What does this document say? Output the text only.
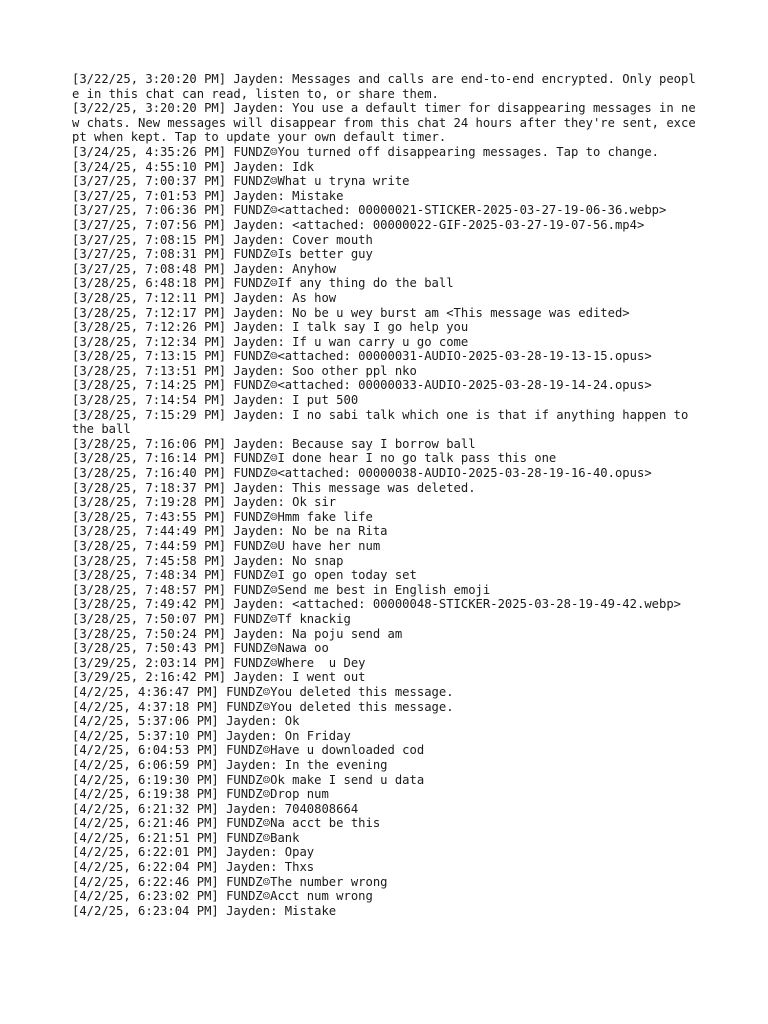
[3/22/25, 3:20:20 PM] Jayden: Messages and calls are end-to-end encrypted. Only people in this chat can read, listen to, or share them.
[3/22/25, 3:20:20 PM] Jayden: You use a default timer for disappearing messages in new chats. New messages will disappear from this chat 24 hours after they're sent, except when kept. Tap to update your own default timer.
[3/24/25, 4:35:26 PM] FUNDZ☺You turned off disappearing messages. Tap to change.
[3/24/25, 4:55:10 PM] Jayden: Idk
[3/27/25, 7:00:37 PM] FUNDZ☺What u tryna write
[3/27/25, 7:01:53 PM] Jayden: Mistake
[3/27/25, 7:06:36 PM] FUNDZ☺<attached: 00000021-STICKER-2025-03-27-19-06-36.webp>
[3/27/25, 7:07:56 PM] Jayden: <attached: 00000022-GIF-2025-03-27-19-07-56.mp4>
[3/27/25, 7:08:15 PM] Jayden: Cover mouth
[3/27/25, 7:08:31 PM] FUNDZ☺Is better guy
[3/27/25, 7:08:48 PM] Jayden: Anyhow
[3/28/25, 6:48:18 PM] FUNDZ☺If any thing do the ball
[3/28/25, 7:12:11 PM] Jayden: As how
[3/28/25, 7:12:17 PM] Jayden: No be u wey burst am <This message was edited>
[3/28/25, 7:12:26 PM] Jayden: I talk say I go help you
[3/28/25, 7:12:34 PM] Jayden: If u wan carry u go come
[3/28/25, 7:13:15 PM] FUNDZ☺<attached: 00000031-AUDIO-2025-03-28-19-13-15.opus>
[3/28/25, 7:13:51 PM] Jayden: Soo other ppl nko
[3/28/25, 7:14:25 PM] FUNDZ☺<attached: 00000033-AUDIO-2025-03-28-19-14-24.opus>
[3/28/25, 7:14:54 PM] Jayden: I put 500
[3/28/25, 7:15:29 PM] Jayden: I no sabi talk which one is that if anything happen to the ball
[3/28/25, 7:16:06 PM] Jayden: Because say I borrow ball
[3/28/25, 7:16:14 PM] FUNDZ☺I done hear I no go talk pass this one
[3/28/25, 7:16:40 PM] FUNDZ☺<attached: 00000038-AUDIO-2025-03-28-19-16-40.opus>
[3/28/25, 7:18:37 PM] Jayden: This message was deleted.
[3/28/25, 7:19:28 PM] Jayden: Ok sir
[3/28/25, 7:43:55 PM] FUNDZ☺Hmm fake life
[3/28/25, 7:44:49 PM] Jayden: No be na Rita
[3/28/25, 7:44:59 PM] FUNDZ☺U have her num
[3/28/25, 7:45:58 PM] Jayden: No snap
[3/28/25, 7:48:34 PM] FUNDZ☺I go open today set
[3/28/25, 7:48:57 PM] FUNDZ☺Send me best in English emoji
[3/28/25, 7:49:42 PM] Jayden: <attached: 00000048-STICKER-2025-03-28-19-49-42.webp>
[3/28/25, 7:50:07 PM] FUNDZ☺Tf knackig
[3/28/25, 7:50:24 PM] Jayden: Na poju send am
[3/28/25, 7:50:43 PM] FUNDZ☺Nawa oo
[3/29/25, 2:03:14 PM] FUNDZ☺Where  u Dey
[3/29/25, 2:16:42 PM] Jayden: I went out
[4/2/25, 4:36:47 PM] FUNDZ☺You deleted this message.
[4/2/25, 4:37:18 PM] FUNDZ☺You deleted this message.
[4/2/25, 5:37:06 PM] Jayden: Ok
[4/2/25, 5:37:10 PM] Jayden: On Friday
[4/2/25, 6:04:53 PM] FUNDZ☺Have u downloaded cod
[4/2/25, 6:06:59 PM] Jayden: In the evening
[4/2/25, 6:19:30 PM] FUNDZ☺Ok make I send u data
[4/2/25, 6:19:38 PM] FUNDZ☺Drop num
[4/2/25, 6:21:32 PM] Jayden: 7040808664
[4/2/25, 6:21:46 PM] FUNDZ☺Na acct be this
[4/2/25, 6:21:51 PM] FUNDZ☺Bank
[4/2/25, 6:22:01 PM] Jayden: Opay
[4/2/25, 6:22:04 PM] Jayden: Thxs
[4/2/25, 6:22:46 PM] FUNDZ☺The number wrong
[4/2/25, 6:23:02 PM] FUNDZ☺Acct num wrong
[4/2/25, 6:23:04 PM] Jayden: Mistake
